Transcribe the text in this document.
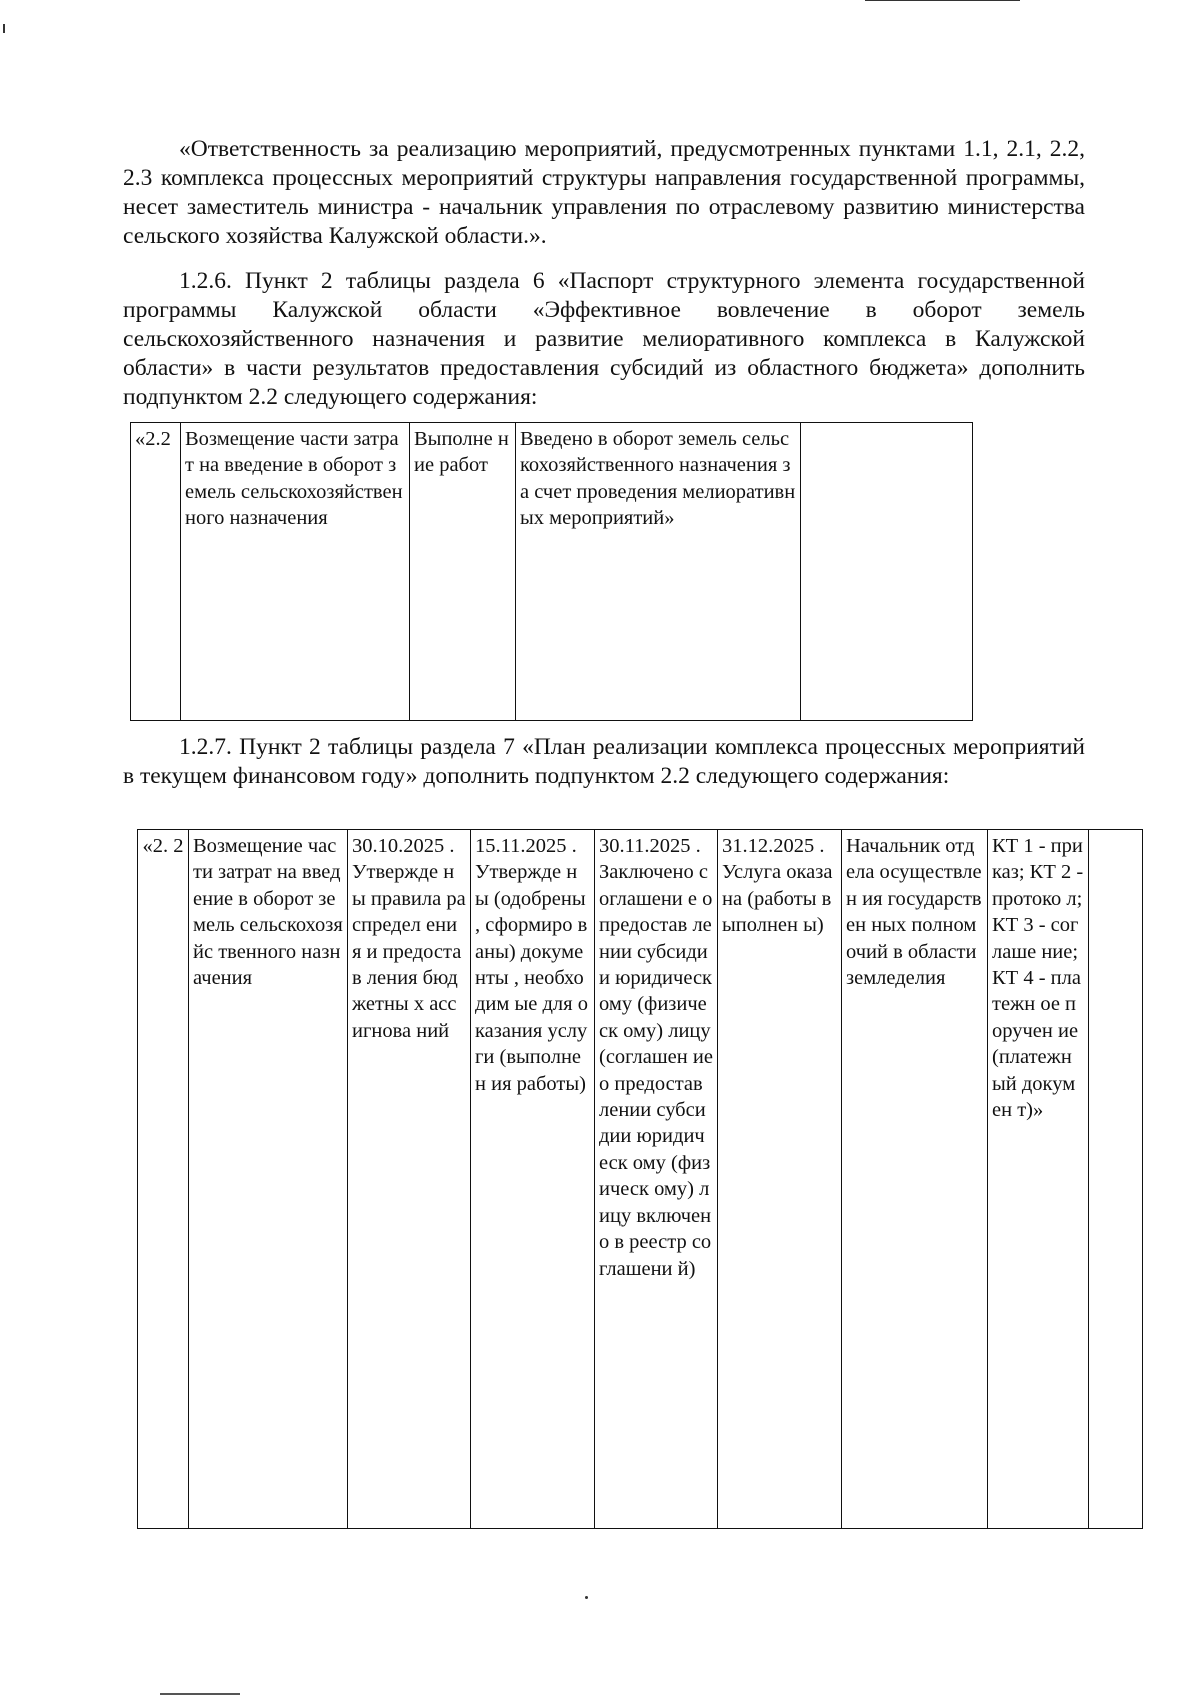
«Ответственность за реализацию мероприятий, предусмотренных пунктами 1.1, 2.1, 2.2, 2.3 комплекса процессных мероприятий структуры направления государственной программы, несет заместитель министра - начальник управления по отраслевому развитию министерства сельского хозяйства Калужской области.».

1.2.6. Пункт 2 таблицы раздела 6 «Паспорт структурного элемента государственной программы Калужской области «Эффективное вовлечение в оборот земель сельскохозяйственного назначения и развитие мелиоративного комплекса в Калужской области» в части результатов предоставления субсидий из областного бюджета» дополнить подпунктом 2.2 следующего содержания:

«2.2	Возмещение части затрат на введение в оборот земель сельскохозяйственного назначения	Выполне ние работ	Введено в оборот земель сельскохозяйственного назначения за счет проведения мелиоративных мероприятий»	

1.2.7. Пункт 2 таблицы раздела 7 «План реализации комплекса процессных мероприятий в текущем финансовом году» дополнить подпунктом 2.2 следующего содержания:

«2. 2	Возмещение части затрат на введение в оборот земель сельскохозяйс твенного назначения	30.10.2025 . Утвержде ны правила распредел ения и предостав ления бюджетны х ассигнова ний	15.11.2025 . Утвержде ны (одобрены , сформиро ваны) документы , необходим ые для оказания услуги (выполнен ия работы)	30.11.2025 . Заключено соглашени е о предостав лении субсидии юридическ ому (физическ ому) лицу (соглашен ие о предостав лении субсидии юридическ ому (физическ ому) лицу включено в реестр соглашени й)	31.12.2025 . Услуга оказана (работы выполнен ы)	Начальник отдела осуществлен ия государствен ных полномочий в области земледелия	КТ 1 - приказ; КТ 2 - протоко л; КТ 3 - соглаше ние; КТ 4 - платежн ое поручен ие (платежн ый докумен т)»	
